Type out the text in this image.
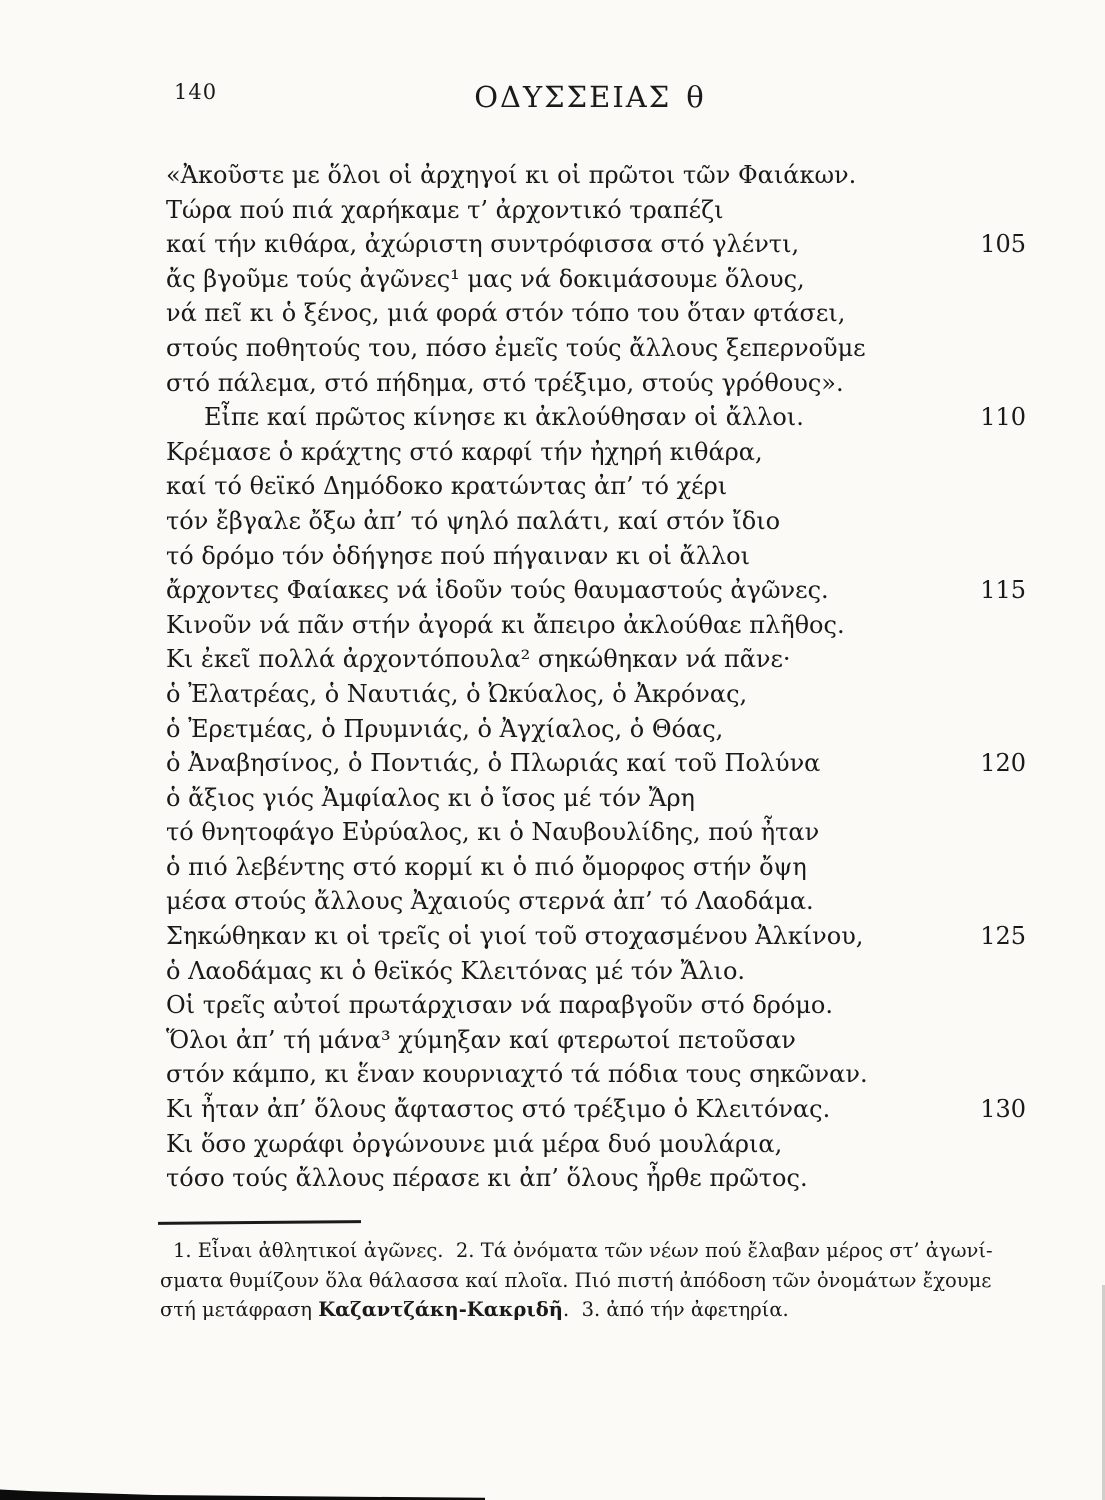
140	ΟΔΥΣΣΕΙΑΣ θ
«Ἀκοῦστε με ὅλοι οἱ ἀρχηγοί κι οἱ πρῶτοι τῶν Φαιάκων.
Τώρα πού πιά χαρήκαμε τ’ ἀρχοντικό τραπέζι
καί τήν κιθάρα, ἀχώριστη συντρόφισσα στό γλέντι,	105
ἄς βγοῦμε τούς ἀγῶνες¹ μας νά δοκιμάσουμε ὅλους,
νά πεῖ κι ὁ ξένος, μιά φορά στόν τόπο του ὅταν φτάσει,
στούς ποθητούς του, πόσο ἐμεῖς τούς ἄλλους ξεπερνοῦμε
στό πάλεμα, στό πήδημα, στό τρέξιμο, στούς γρόθους».
Εἶπε καί πρῶτος κίνησε κι ἀκλούθησαν οἱ ἄλλοι.	110
Κρέμασε ὁ κράχτης στό καρφί τήν ἠχηρή κιθάρα,
καί τό θεϊκό Δημόδοκο κρατώντας ἀπ’ τό χέρι
τόν ἔβγαλε ὄξω ἀπ’ τό ψηλό παλάτι, καί στόν ἴδιο
τό δρόμο τόν ὁδήγησε πού πήγαιναν κι οἱ ἄλλοι
ἄρχοντες Φαίακες νά ἰδοῦν τούς θαυμαστούς ἀγῶνες.	115
Κινοῦν νά πᾶν στήν ἀγορά κι ἄπειρο ἀκλούθαε πλῆθος.
Κι ἐκεῖ πολλά ἀρχοντόπουλα² σηκώθηκαν νά πᾶνε·
ὁ Ἐλατρέας, ὁ Ναυτιάς, ὁ Ὠκύαλος, ὁ Ἀκρόνας,
ὁ Ἐρετμέας, ὁ Πρυμνιάς, ὁ Ἀγχίαλος, ὁ Θόας,
ὁ Ἀναβησίνος, ὁ Ποντιάς, ὁ Πλωριάς καί τοῦ Πολύνα	120
ὁ ἄξιος γιός Ἀμφίαλος κι ὁ ἴσος μέ τόν Ἄρη
τό θνητοφάγο Εὐρύαλος, κι ὁ Ναυβουλίδης, πού ἦταν
ὁ πιό λεβέντης στό κορμί κι ὁ πιό ὄμορφος στήν ὄψη
μέσα στούς ἄλλους Ἀχαιούς στερνά ἀπ’ τό Λαοδάμα.
Σηκώθηκαν κι οἱ τρεῖς οἱ γιοί τοῦ στοχασμένου Ἀλκίνου,	125
ὁ Λαοδάμας κι ὁ θεϊκός Κλειτόνας μέ τόν Ἄλιο.
Οἱ τρεῖς αὐτοί πρωτάρχισαν νά παραβγοῦν στό δρόμο.
Ὅλοι ἀπ’ τή μάνα³ χύμηξαν καί φτερωτοί πετοῦσαν
στόν κάμπο, κι ἕναν κουρνιαχτό τά πόδια τους σηκῶναν.
Κι ἦταν ἀπ’ ὅλους ἄφταστος στό τρέξιμο ὁ Κλειτόνας.	130
Κι ὅσο χωράφι ὀργώνουνε μιά μέρα δυό μουλάρια,
τόσο τούς ἄλλους πέρασε κι ἀπ’ ὅλους ἦρθε πρῶτος.
1. Εἶναι ἀθλητικοί ἀγῶνες.  2. Τά ὀνόματα τῶν νέων πού ἔλαβαν μέρος στ’ ἀγωνί-
σματα θυμίζουν ὅλα θάλασσα καί πλοῖα. Πιό πιστή ἀπόδοση τῶν ὀνομάτων ἔχουμε
στή μετάφραση Καζαντζάκη-Κακριδῆ.  3. ἀπό τήν ἀφετηρία.
